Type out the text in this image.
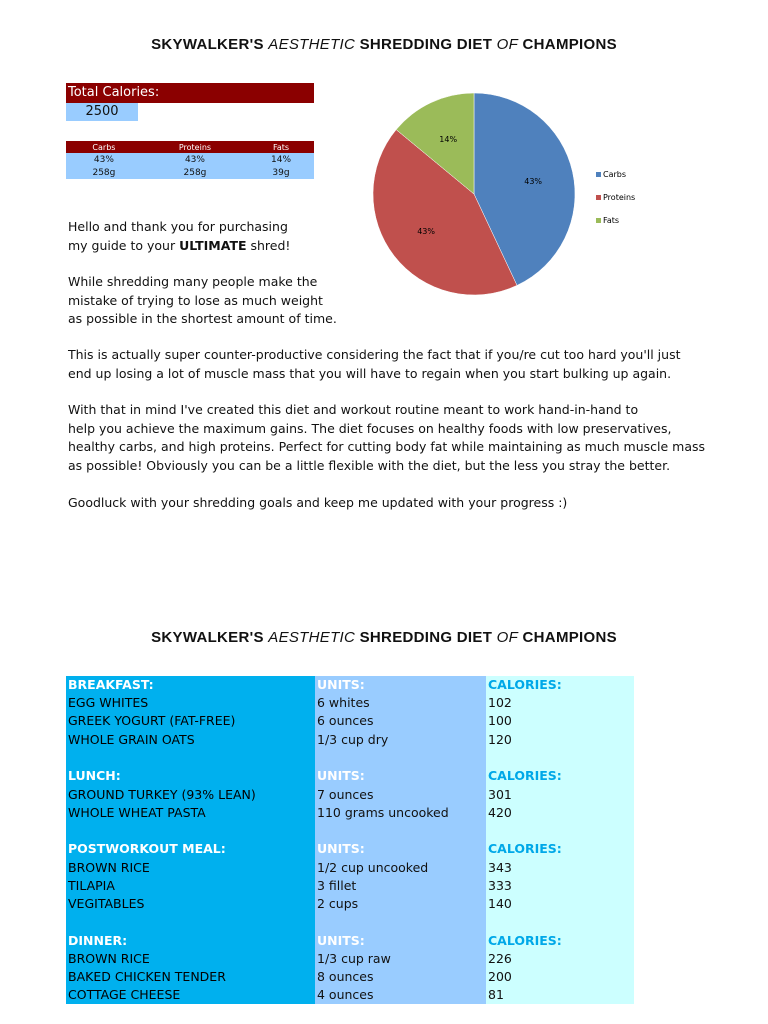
SKYWALKER'S AESTHETIC SHREDDING DIET OF CHAMPIONS
Total Calories:
2500
Carbs	Proteins	Fats
43%	43%	14%
258g	258g	39g
43%
43%
14%
Carbs
Proteins
Fats

Hello and thank you for purchasing
my guide to your ULTIMATE shred!

While shredding many people make the
mistake of trying to lose as much weight
as possible in the shortest amount of time.

This is actually super counter-productive considering the fact that if you/re cut too hard you'll just
end up losing a lot of muscle mass that you will have to regain when you start bulking up again.

With that in mind I've created this diet and workout routine meant to work hand-in-hand to
help you achieve the maximum gains. The diet focuses on healthy foods with low preservatives,
healthy carbs, and high proteins. Perfect for cutting body fat while maintaining as much muscle mass
as possible! Obviously you can be a little flexible with the diet, but the less you stray the better.

Goodluck with your shredding goals and keep me updated with your progress :)

SKYWALKER'S AESTHETIC SHREDDING DIET OF CHAMPIONS
BREAKFAST:	UNITS:	CALORIES:
EGG WHITES	6 whites	102
GREEK YOGURT (FAT-FREE)	6 ounces	100
WHOLE GRAIN OATS	1/3 cup dry	120

LUNCH:	UNITS:	CALORIES:
GROUND TURKEY (93% LEAN)	7 ounces	301
WHOLE WHEAT PASTA	110 grams uncooked	420

POSTWORKOUT MEAL:	UNITS:	CALORIES:
BROWN RICE	1/2 cup uncooked	343
TILAPIA	3 fillet	333
VEGITABLES	2 cups	140

DINNER:	UNITS:	CALORIES:
BROWN RICE	1/3 cup raw	226
BAKED CHICKEN TENDER	8 ounces	200
COTTAGE CHEESE	4 ounces	81
